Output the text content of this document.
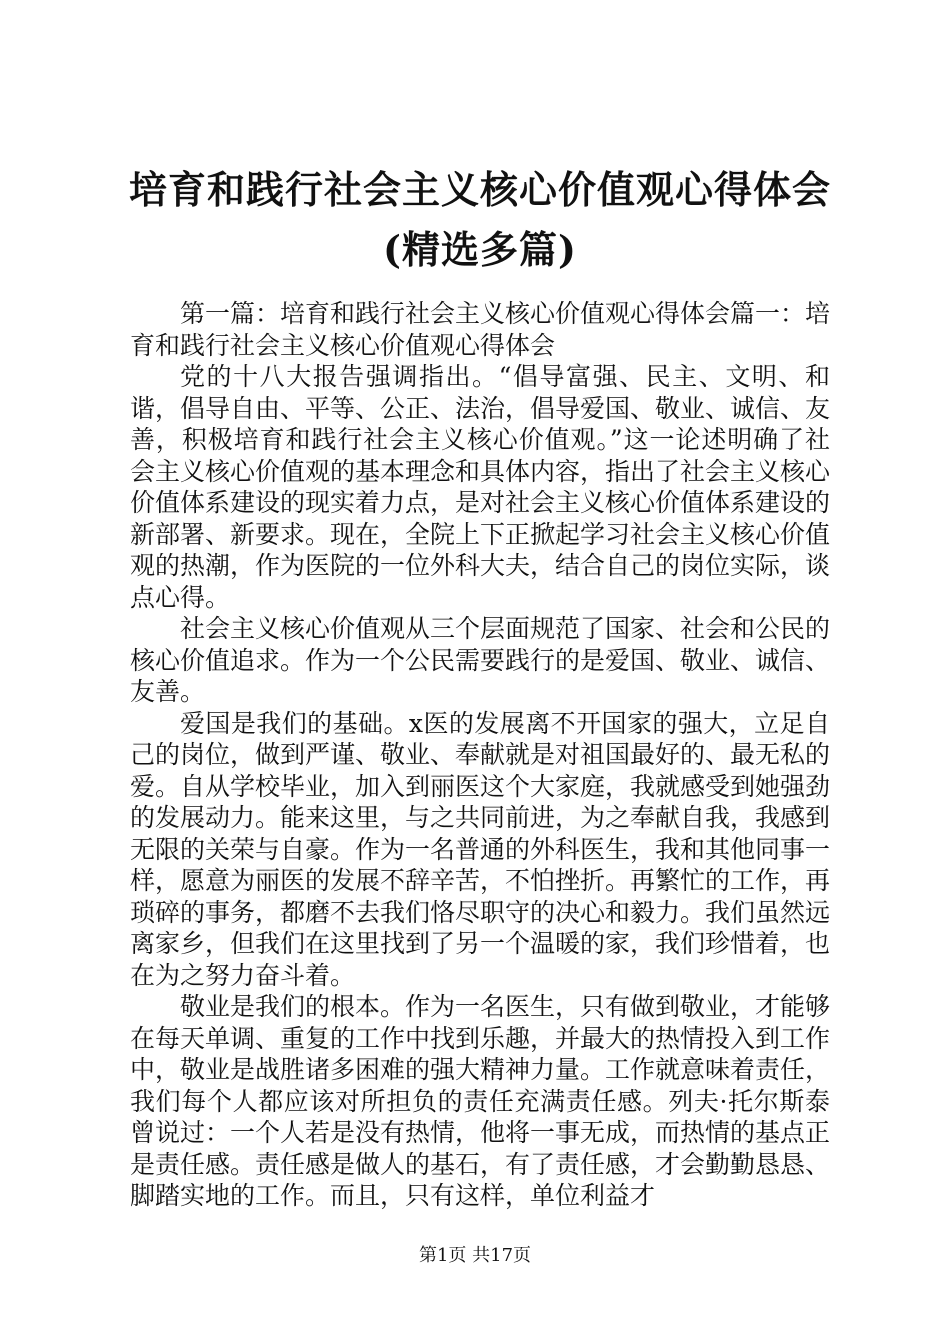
培育和践行社会主义核心价值观心得体会(精选多篇)

第一篇：培育和践行社会主义核心价值观心得体会篇一：培育和践行社会主义核心价值观心得体会

党的十八大报告强调指出。“倡导富强、民主、文明、和谐，倡导自由、平等、公正、法治，倡导爱国、敬业、诚信、友善，积极培育和践行社会主义核心价值观。”这一论述明确了社会主义核心价值观的基本理念和具体内容，指出了社会主义核心价值体系建设的现实着力点，是对社会主义核心价值体系建设的新部署、新要求。现在，全院上下正掀起学习社会主义核心价值观的热潮，作为医院的一位外科大夫，结合自己的岗位实际，谈点心得。

社会主义核心价值观从三个层面规范了国家、社会和公民的核心价值追求。作为一个公民需要践行的是爱国、敬业、诚信、友善。

爱国是我们的基础。x医的发展离不开国家的强大，立足自己的岗位，做到严谨、敬业、奉献就是对祖国最好的、最无私的爱。自从学校毕业，加入到丽医这个大家庭，我就感受到她强劲的发展动力。能来这里，与之共同前进，为之奉献自我，我感到无限的关荣与自豪。作为一名普通的外科医生，我和其他同事一样，愿意为丽医的发展不辞辛苦，不怕挫折。再繁忙的工作，再琐碎的事务，都磨不去我们恪尽职守的决心和毅力。我们虽然远离家乡，但我们在这里找到了另一个温暖的家，我们珍惜着，也在为之努力奋斗着。

敬业是我们的根本。作为一名医生，只有做到敬业，才能够在每天单调、重复的工作中找到乐趣，并最大的热情投入到工作中，敬业是战胜诸多困难的强大精神力量。工作就意味着责任，我们每个人都应该对所担负的责任充满责任感。列夫·托尔斯泰曾说过：一个人若是没有热情，他将一事无成，而热情的基点正是责任感。责任感是做人的基石，有了责任感，才会勤勤恳恳、脚踏实地的工作。而且，只有这样，单位利益才

第1页 共17页
